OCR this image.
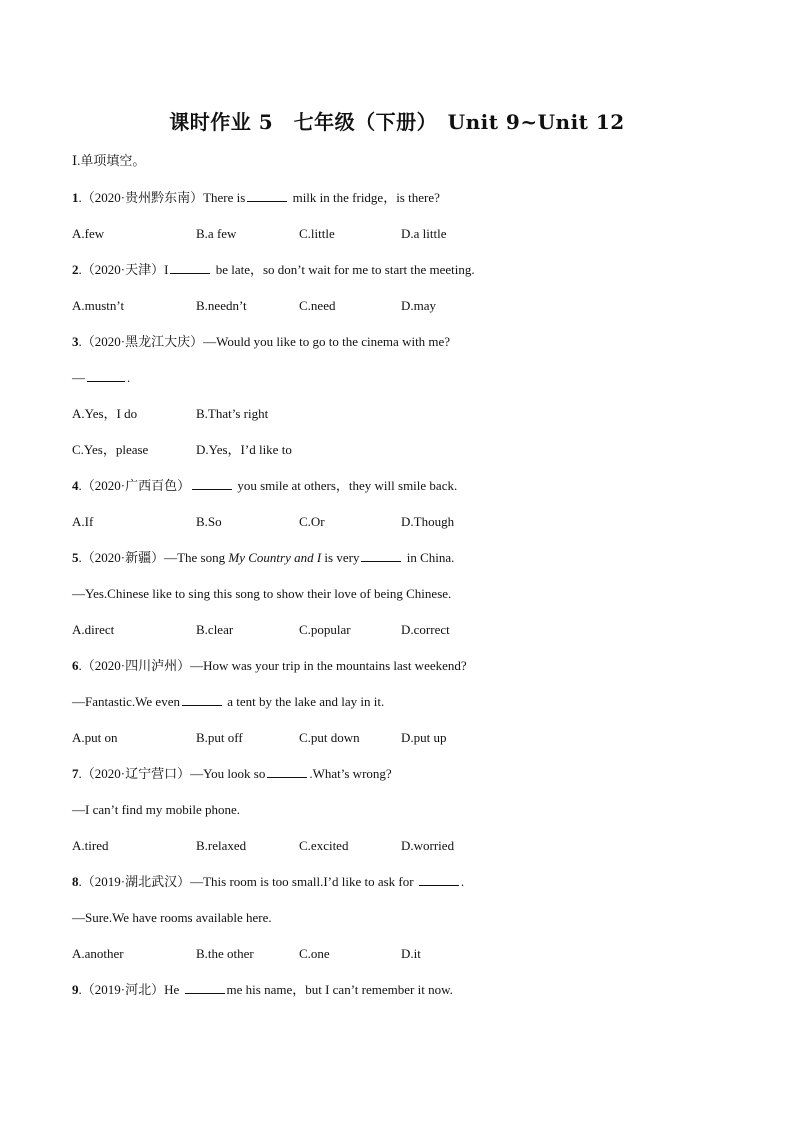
课时作业 5　七年级（下册）　Unit 9~Unit 12
Ⅰ.单项填空。
1.（2020·贵州黔东南）There is	milk in the fridge，is there?
A.few	B.a few	C.little	D.a little
2.（2020·天津）I	be late，so don’t wait for me to start the meeting.
A.mustn’t	B.needn’t	C.need	D.may
3.（2020·黑龙江大庆）—Would you like to go to the cinema with me?
—	.
A.Yes，I do	B.That’s right
C.Yes，please	D.Yes，I’d like to
4.（2020·广西百色）	you smile at others，they will smile back.
A.If	B.So	C.Or	D.Though
5.（2020·新疆）—The song My Country and I is very	in China.
—Yes.Chinese like to sing this song to show their love of being Chinese.
A.direct	B.clear	C.popular	D.correct
6.（2020·四川泸州）—How was your trip in the mountains last weekend?
—Fantastic.We even	a tent by the lake and lay in it.
A.put on	B.put off	C.put down	D.put up
7.（2020·辽宁营口）—You look so	.What’s wrong?
—I can’t find my mobile phone.
A.tired	B.relaxed	C.excited	D.worried
8.（2019·湖北武汉）—This room is too small.I’d like to ask for	.
—Sure.We have rooms available here.
A.another	B.the other	C.one	D.it
9.（2019·河北）He	me his name，but I can’t remember it now.
